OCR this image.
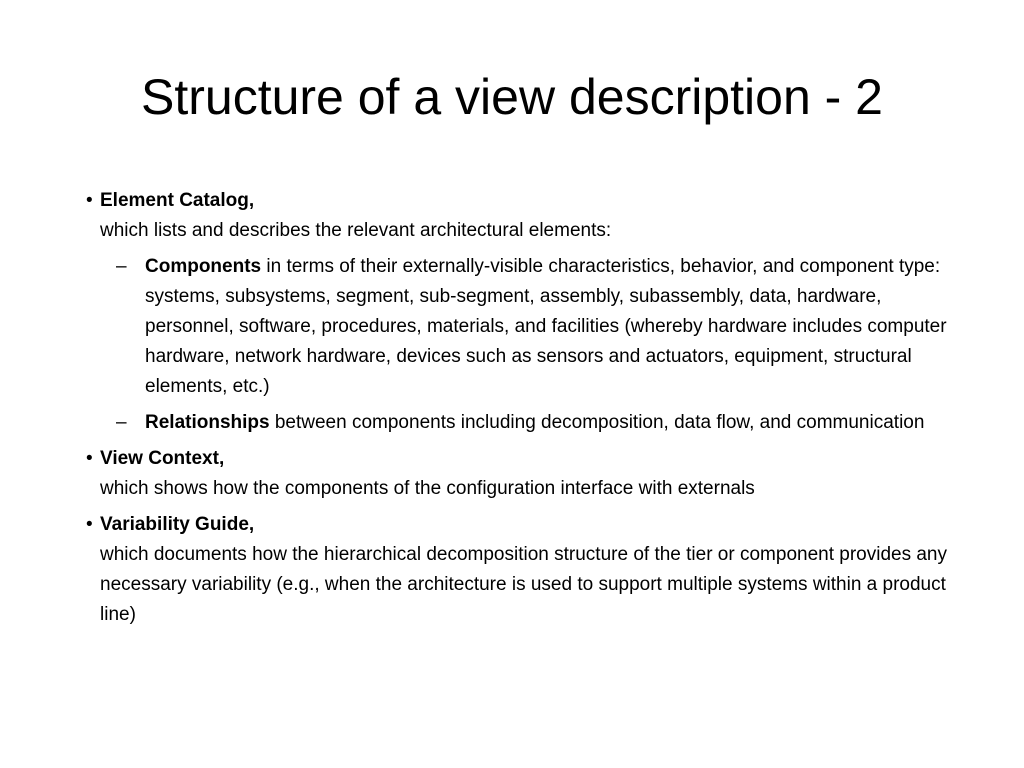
Structure of a view description - 2
• Element Catalog,
which lists and describes the relevant architectural elements:
– Components in terms of their externally-visible characteristics, behavior, and component type: systems, subsystems, segment, sub-segment, assembly, subassembly, data, hardware, personnel, software, procedures, materials, and facilities (whereby hardware includes computer hardware, network hardware, devices such as sensors and actuators, equipment, structural elements, etc.)
– Relationships between components including decomposition, data flow, and communication
• View Context,
which shows how the components of the configuration interface with externals
• Variability Guide,
which documents how the hierarchical decomposition structure of the tier or component provides any necessary variability (e.g., when the architecture is used to support multiple systems within a product line)
